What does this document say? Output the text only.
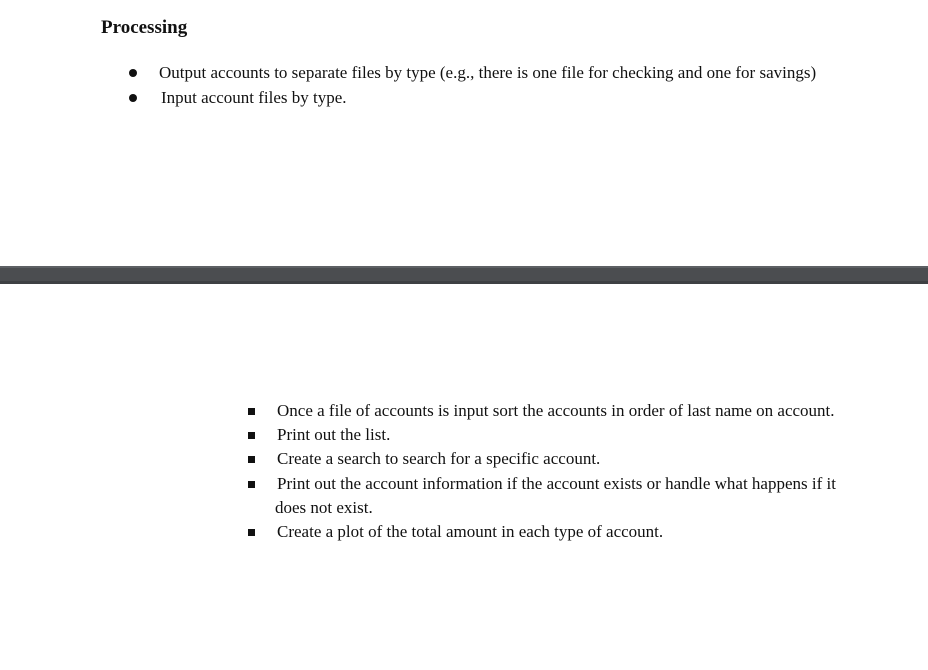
Processing
Output accounts to separate files by type (e.g., there is one file for checking and one for savings)
Input account files by type.
Once a file of accounts is input sort the accounts in order of last name on account.
Print out the list.
Create a search to search for a specific account.
Print out the account information if the account exists or handle what happens if it does not exist.
Create a plot of the total amount in each type of account.
